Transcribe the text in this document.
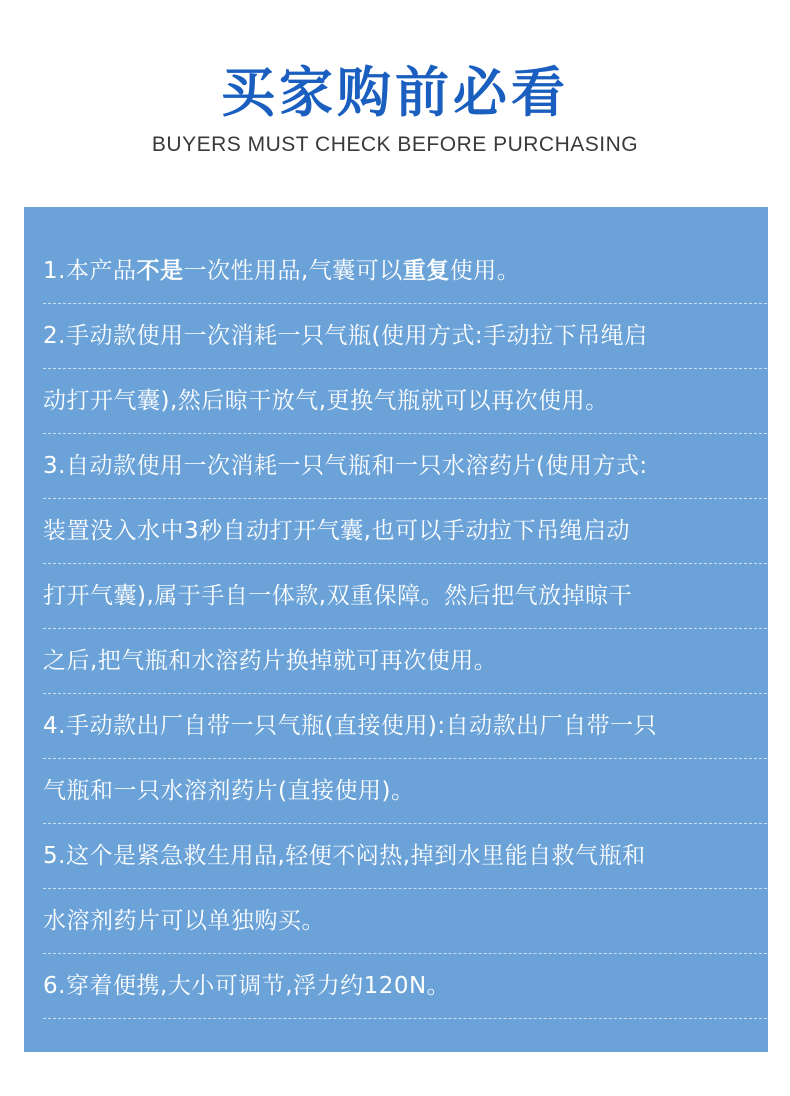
买家购前必看
BUYERS MUST CHECK BEFORE PURCHASING
1.本产品不是一次性用品,气囊可以重复使用。
2.手动款使用一次消耗一只气瓶(使用方式:手动拉下吊绳启
动打开气囊),然后晾干放气,更换气瓶就可以再次使用。
3.自动款使用一次消耗一只气瓶和一只水溶药片(使用方式:
装置没入水中3秒自动打开气囊,也可以手动拉下吊绳启动
打开气囊),属于手自一体款,双重保障。然后把气放掉晾干
之后,把气瓶和水溶药片换掉就可再次使用。
4.手动款出厂自带一只气瓶(直接使用):自动款出厂自带一只
气瓶和一只水溶剂药片(直接使用)。
5.这个是紧急救生用品,轻便不闷热,掉到水里能自救气瓶和
水溶剂药片可以单独购买。
6.穿着便携,大小可调节,浮力约120N。
